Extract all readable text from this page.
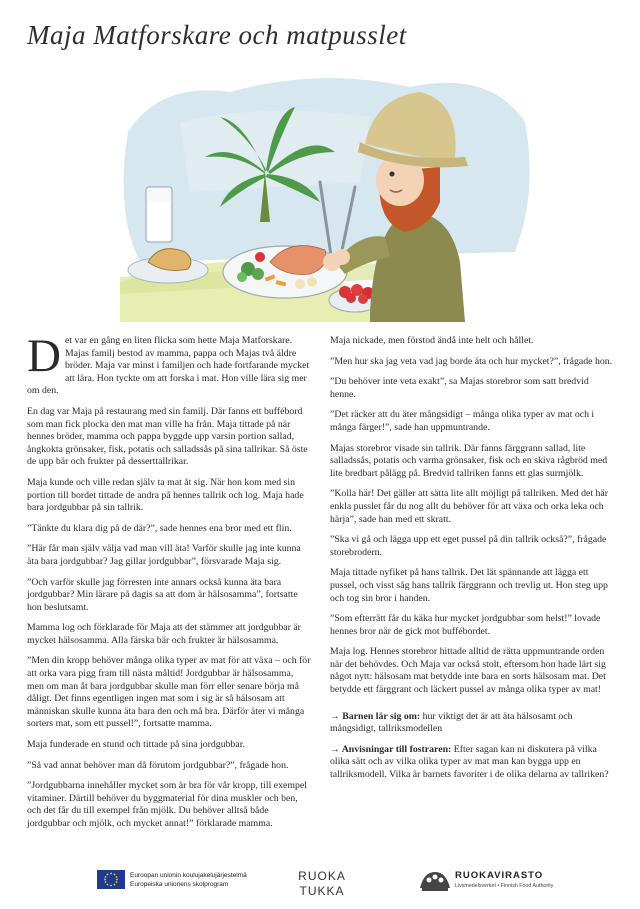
Maja Matforskare och matpusslet

Det var en gång en liten flicka som hette Maja Matforskare. Majas familj bestod av mamma, pappa och Majas två äldre bröder. Maja var minst i familjen och hade fortfarande mycket att lära. Hon tyckte om att forska i mat. Hon ville lära sig mer om den.

En dag var Maja på restaurang med sin familj. Där fanns ett buffébord som man fick plocka den mat man ville ha från. Maja tittade på när hennes bröder, mamma och pappa byggde upp varsin portion sallad, ångkokta grönsaker, fisk, potatis och salladssås på sina tallrikar. Så öste de upp bär och frukter på desserttallrikar.

Maja kunde och ville redan själv ta mat åt sig. När hon kom med sin portion till bordet tittade de andra på hennes tallrik och log. Maja hade bara jordgubbar på sin tallrik.

”Tänkte du klara dig på de där?”, sade hennes ena bror med ett flin.

”Här får man själv välja vad man vill äta! Varför skulle jag inte kunna äta bara jordgubbar? Jag gillar jordgubbar”, försvarade Maja sig.

”Och varför skulle jag förresten inte annars också kunna äta bara jordgubbar? Min lärare på dagis sa att dom är hälsosamma”, fortsatte hon beslutsamt.

Mamma log och förklarade för Maja att det stämmer att jordgubbar är mycket hälsosamma. Alla färska bär och frukter är hälsosamma.

”Men din kropp behöver många olika typer av mat för att växa – och för att orka vara pigg fram till nästa måltid! Jordgubbar är hälsosamma, men om man åt bara jordgubbar skulle man förr eller senare börja må dåligt. Det finns egentligen ingen mat som i sig är så hälsosam att människan skulle kunna äta bara den och må bra. Därför äter vi många sorters mat, som ett pussel!”, fortsatte mamma.

Maja funderade en stund och tittade på sina jordgubbar.

”Så vad annat behöver man då förutom jordgubbar?”, frågade hon.

”Jordgubbarna innehåller mycket som är bra för vår kropp, till exempel vitaminer. Därtill behöver du byggmaterial för dina muskler och ben, och det får du till exempel från mjölk. Du behöver alltså både jordgubbar och mjölk, och mycket annat!” förklarade mamma.

Maja nickade, men förstod ändå inte helt och hållet.

”Men hur ska jag veta vad jag borde äta och hur mycket?”, frågade hon.

”Du behöver inte veta exakt”, sa Majas storebror som satt bredvid henne.

”Det räcker att du äter mångsidigt – många olika typer av mat och i många färger!”, sade han uppmuntrande.

Majas storebror visade sin tallrik. Där fanns färggrann sallad, lite salladssås, potatis och varma grönsaker, fisk och en skiva rågbröd med lite bredbart pålägg på. Bredvid tallriken fanns ett glas surmjölk.

”Kolla här! Det gäller att sätta lite allt möjligt på tallriken. Med det här enkla pusslet får du nog allt du behöver för att växa och orka leka och härja”, sade han med ett skratt.

”Ska vi gå och lägga upp ett eget pussel på din tallrik också?”, frågade storebrodern.

Maja tittade nyfiket på hans tallrik. Det lät spännande att lägga ett pussel, och visst såg hans tallrik färggrann och trevlig ut. Hon steg upp och tog sin bror i handen.

”Som efterrätt får du käka hur mycket jordgubbar som helst!” lovade hennes bror när de gick mot buffébordet.

Maja log. Hennes storebror hittade alltid de rätta uppmuntrande orden när det behövdes. Och Maja var också stolt, eftersom hon hade lärt sig något nytt: hälsosam mat betydde inte bara en sorts hälsosam mat. Det betydde ett färggrant och läckert pussel av många olika typer av mat!

→ Barnen lär sig om: hur viktigt det är att äta hälsosamt och mångsidigt, tallriksmodellen

→ Anvisningar till fostraren: Efter sagan kan ni diskutera på vilka olika sätt och av vilka olika typer av mat man kan bygga upp en tallriksmodell. Vilka är barnets favoriter i de olika delarna av tallriken?

Euroopan unionin koulujakelujärjestelmä
Europeiska unionens skolprogram
RUOKA
TUKKA
RUOKAVIRASTO
Livsmedelsverket • Finnish Food Authority
